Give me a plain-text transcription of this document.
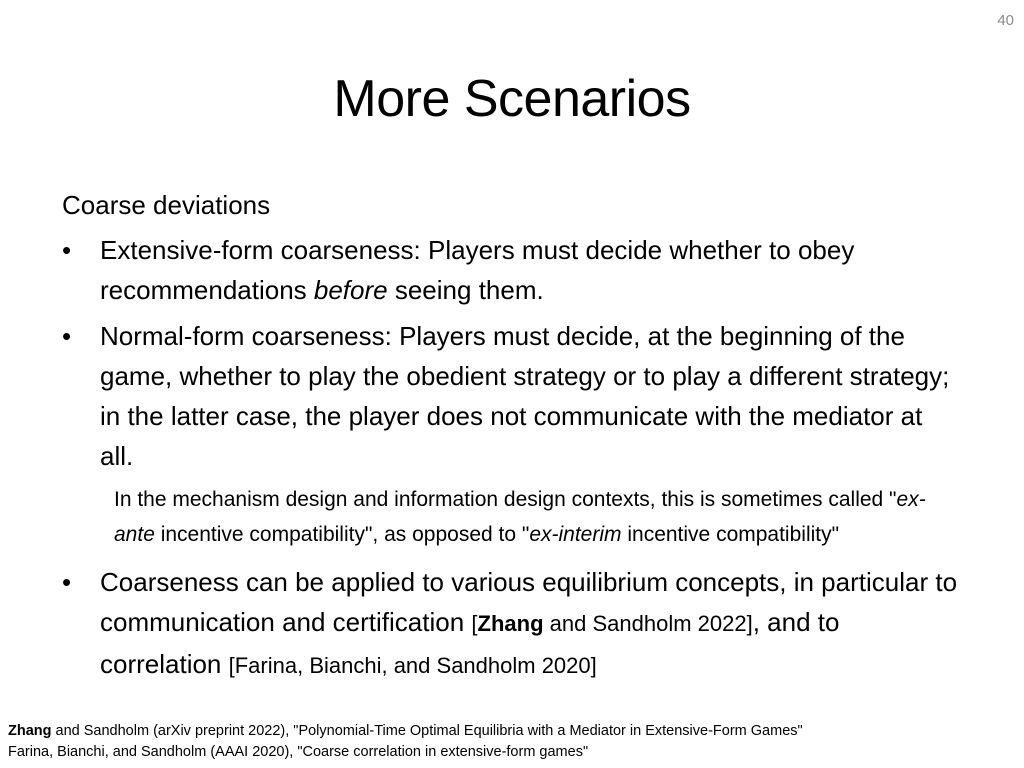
40
More Scenarios
Coarse deviations
• Extensive-form coarseness: Players must decide whether to obey recommendations before seeing them.
• Normal-form coarseness: Players must decide, at the beginning of the game, whether to play the obedient strategy or to play a different strategy; in the latter case, the player does not communicate with the mediator at all.
In the mechanism design and information design contexts, this is sometimes called "ex-ante incentive compatibility", as opposed to "ex-interim incentive compatibility"
• Coarseness can be applied to various equilibrium concepts, in particular to communication and certification [Zhang and Sandholm 2022], and to correlation [Farina, Bianchi, and Sandholm 2020]
Zhang and Sandholm (arXiv preprint 2022), "Polynomial-Time Optimal Equilibria with a Mediator in Extensive-Form Games"
Farina, Bianchi, and Sandholm (AAAI 2020), "Coarse correlation in extensive-form games"
